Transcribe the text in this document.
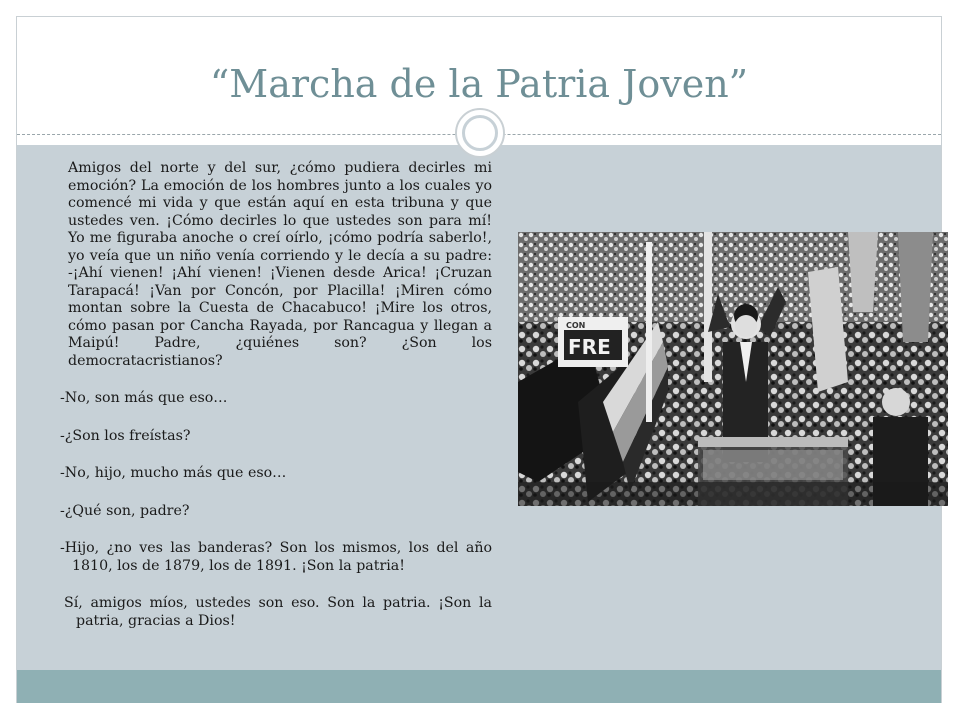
“Marcha de la Patria Joven”

Amigos del norte y del sur, ¿cómo pudiera decirles mi emoción? La emoción de los hombres junto a los cuales yo comencé mi vida y que están aquí en esta tribuna y que ustedes ven. ¡Cómo decirles lo que ustedes son para mí! Yo me figuraba anoche o creí oírlo, ¡cómo podría saberlo!, yo veía que un niño venía corriendo y le decía a su padre: -¡Ahí vienen! ¡Ahí vienen! ¡Vienen desde Arica! ¡Cruzan Tarapacá! ¡Van por Concón, por Placilla! ¡Miren cómo montan sobre la Cuesta de Chacabuco! ¡Mire los otros, cómo pasan por Cancha Rayada, por Rancagua y llegan a Maipú! Padre, ¿quiénes son? ¿Son los democratacristianos?

-No, son más que eso…

-¿Son los freístas?

-No, hijo, mucho más que eso…

-¿Qué son, padre?

-Hijo, ¿no ves las banderas? Son los mismos, los del año 1810, los de 1879, los de 1891. ¡Son la patria!

Sí, amigos míos, ustedes son eso. Son la patria. ¡Son la patria, gracias a Dios!

CON
FRE
